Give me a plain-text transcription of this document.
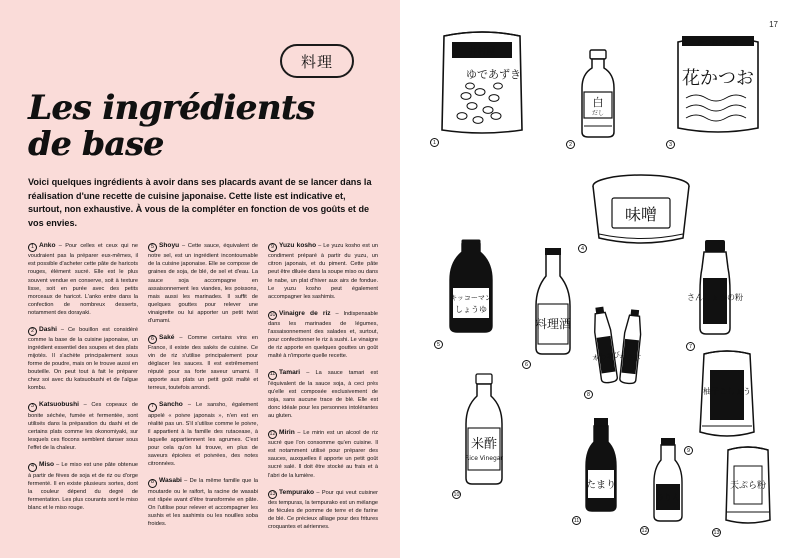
料理
Les ingrédients
de base
Voici quelques ingrédients à avoir dans ses placards avant de se lancer dans la réalisation d'une recette de cuisine japonaise. Cette liste est indicative et, surtout, non exhaustive. À vous de la compléter en fonction de vos goûts et de vos envies.
1 Anko – Pour celles et ceux qui ne voudraient pas la préparer eux-mêmes, il est possible d'acheter cette pâte de haricots rouges, élément sucré. Elle est le plus souvent vendue en conserve, soit à texture lisse, soit en purée avec des petits morceaux de haricot. L'anko entre dans la confection de nombreux desserts, notamment des dorayaki.
2 Dashi – Ce bouillon est considéré comme la base de la cuisine japonaise, un ingrédient essentiel des soupes et des plats mijotés. Il s'achète principalement sous forme de poudre, mais on le trouve aussi en bouteille. On peut tout à fait le préparer chez soi avec du katsuobushi et de l'algue kombu.
3 Katsuobushi – Ces copeaux de bonite séchée, fumée et fermentée, sont utilisés dans la préparation du dashi et de certains plats comme les okonomiyaki, sur lesquels ces flocons semblent danser sous l'effet de la chaleur.
4 Miso – Le miso est une pâte obtenue à partir de fèves de soja et de riz ou d'orge fermenté. Il en existe plusieurs sortes, dont la couleur dépend du degré de fermentation. Les plus courants sont le miso blanc et le miso rouge.
5 Shoyu – Cette sauce, équivalent de notre sel, est un ingrédient incontournable de la cuisine japonaise. Elle se compose de graines de soja, de blé, de sel et d'eau. La sauce soja accompagne en assaisonnement les viandes, les poissons, mais aussi les marinades. Il suffit de quelques gouttes pour relever une vinaigrette ou lui apporter un petit twist d'umami.
6 Saké – Comme certains vins en France, il existe des sakés de cuisine. Ce vin de riz s'utilise principalement pour déglacer les sauces. Il est extrêmement réputé pour sa forte saveur umami. Il apporte aux plats un petit goût malté et terreux, toutefois arrondi.
7 Sancho – Le sansho, également appelé « poivre japonais », n'en est en réalité pas un. S'il s'utilise comme le poivre, il appartient à la famille des rutacease, à laquelle appartiennent les agrumes. C'est pour cela qu'on lui trouve, en plus de saveurs épicées et poivrées, des notes citronnées.
8 Wasabi – De la même famille que la moutarde ou le raifort, la racine de wasabi est râpée avant d'être transformée en pâte. On l'utilise pour relever et accompagner les sushis et les sashimis ou les nouilles soba froides.
9 Yuzu kosho – Le yuzu kosho est un condiment préparé à partir du yuzu, un citron japonais, et du piment. Cette pâte peut être diluée dans la soupe miso ou dans le nabe, un plat d'hiver aux airs de fondue. Le yuzu kosho peut également accompagner les sashimis.
10 Vinaigre de riz – Indispensable dans les marinades de légumes, l'assaisonnement des salades et, surtout, pour confectionner le riz à sushi. Le vinaigre de riz apporte en quelques gouttes un goût malté à n'importe quelle recette.
11 Tamari – La sauce tamari est l'équivalent de la sauce soja, à ceci près qu'elle est composée exclusivement de soja, sans aucune trace de blé. Elle est donc idéale pour les personnes intolérantes au gluten.
12 Mirin – Le mirin est un alcool de riz sucré que l'on consomme qu'en cuisine. Il est notamment utilisé pour préparer des sauces, auxquelles il apporte un petit goût sucré salé. Il doit être stocké au frais et à l'abri de la lumière.
13 Tempurako – Pour qui veut cuisiner des tempuras, la tempurako est un mélange de fécules de pomme de terre et de farine de blé. Ce précieux alliage pour des fritures croquantes et aériennes.
17
井村屋
ゆであずき
1
白
だし
2
かつおパック
花かつお
3
味噌
4
キッコーマン
しょうゆ
5
料理酒
6
さんしょうの粉
7
本わさび
わさび
8	柚子こしょう
9
米酢
Rice Vinegar
10
たまり
11
みりん
12
天ぷら粉
13
